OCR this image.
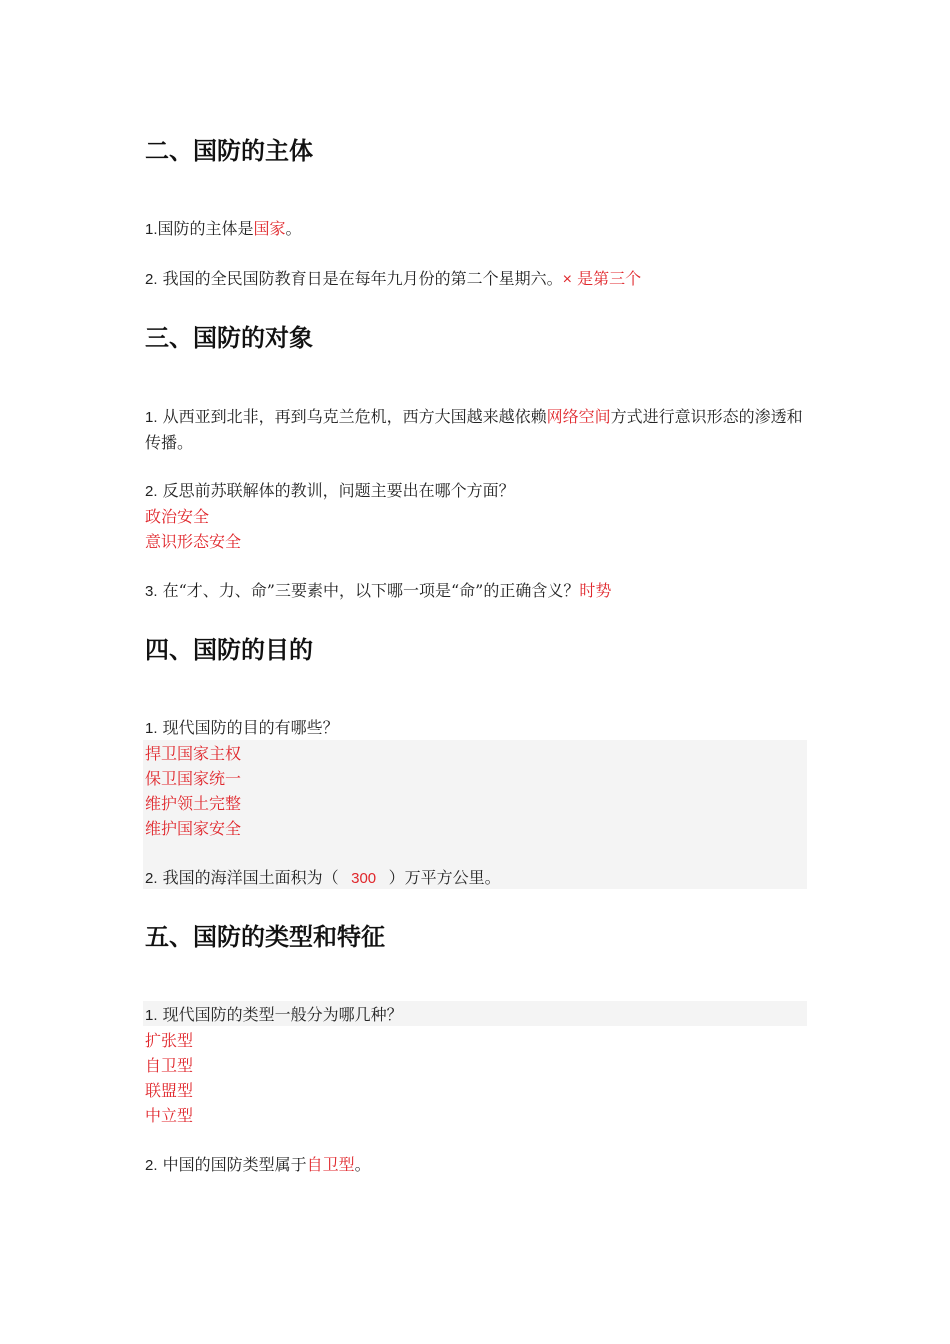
二、国防的主体
1.国防的主体是国家。
2. 我国的全民国防教育日是在每年九月份的第二个星期六。× 是第三个
三、国防的对象
1. 从西亚到北非，再到乌克兰危机，西方大国越来越依赖网络空间方式进行意识形态的渗透和传播。
2. 反思前苏联解体的教训，问题主要出在哪个方面？
政治安全
意识形态安全
3. 在“才、力、命”三要素中，以下哪一项是“命”的正确含义？时势
四、国防的目的
1. 现代国防的目的有哪些？
捍卫国家主权
保卫国家统一
维护领土完整
维护国家安全
2. 我国的海洋国土面积为（ 300 ）万平方公里。
五、国防的类型和特征
1. 现代国防的类型一般分为哪几种？
扩张型
自卫型
联盟型
中立型
2. 中国的国防类型属于自卫型。
